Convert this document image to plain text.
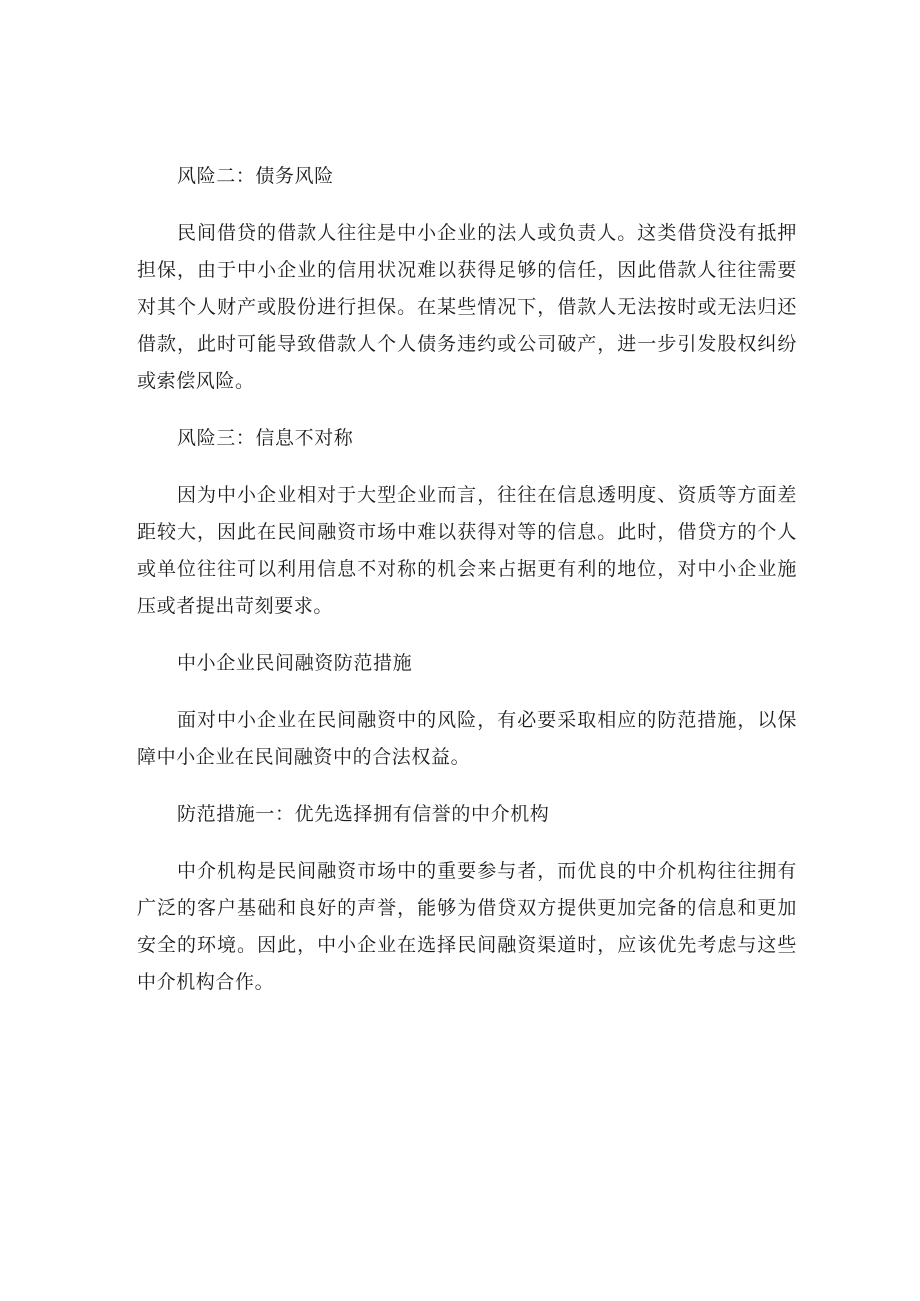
风险二：债务风险
民间借贷的借款人往往是中小企业的法人或负责人。这类借贷没有抵押担保，由于中小企业的信用状况难以获得足够的信任，因此借款人往往需要对其个人财产或股份进行担保。在某些情况下，借款人无法按时或无法归还借款，此时可能导致借款人个人债务违约或公司破产，进一步引发股权纠纷或索偿风险。
风险三：信息不对称
因为中小企业相对于大型企业而言，往往在信息透明度、资质等方面差距较大，因此在民间融资市场中难以获得对等的信息。此时，借贷方的个人或单位往往可以利用信息不对称的机会来占据更有利的地位，对中小企业施压或者提出苛刻要求。
中小企业民间融资防范措施
面对中小企业在民间融资中的风险，有必要采取相应的防范措施，以保障中小企业在民间融资中的合法权益。
防范措施一：优先选择拥有信誉的中介机构
中介机构是民间融资市场中的重要参与者，而优良的中介机构往往拥有广泛的客户基础和良好的声誉，能够为借贷双方提供更加完备的信息和更加安全的环境。因此，中小企业在选择民间融资渠道时，应该优先考虑与这些中介机构合作。
